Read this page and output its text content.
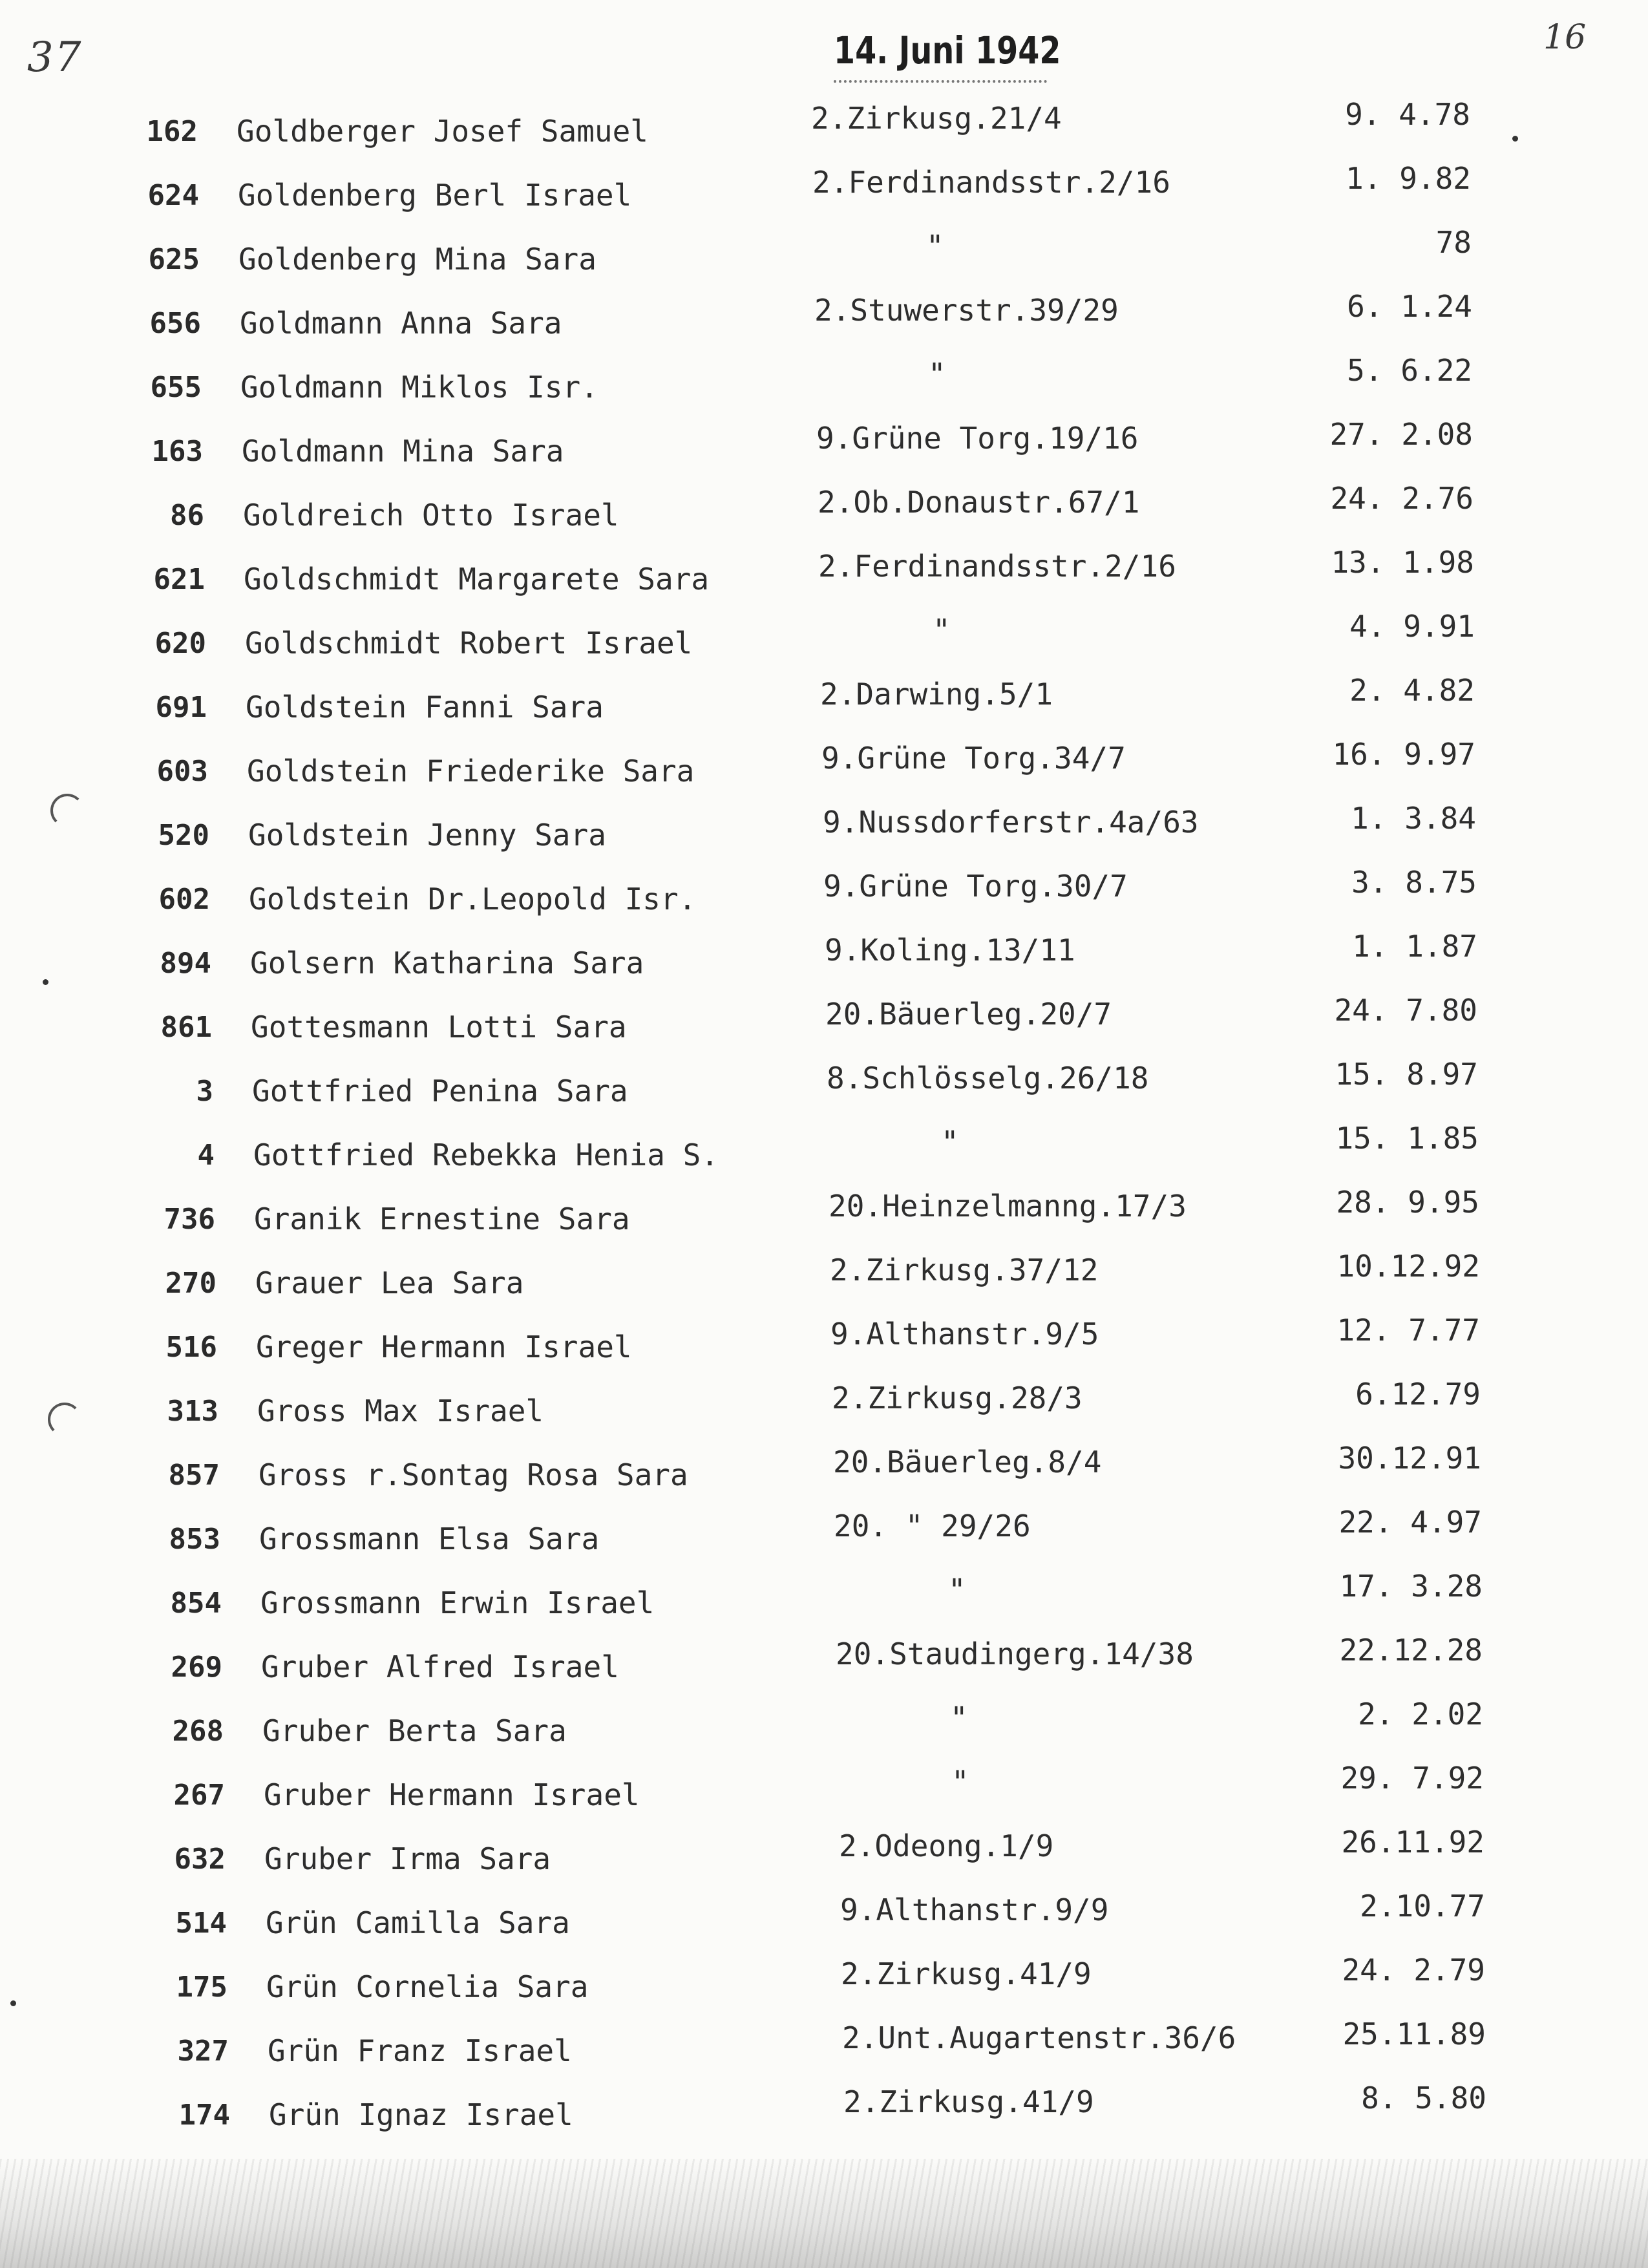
37	16
14. Juni 1942
162 Goldberger Josef Samuel	2.Zirkusg.21/4	9. 4.78
624 Goldenberg Berl Israel	2.Ferdinandsstr.2/16	1. 9.82
625 Goldenberg Mina Sara	"	78
656 Goldmann Anna Sara	2.Stuwerstr.39/29	6. 1.24
655 Goldmann Miklos Isr.	"	5. 6.22
163 Goldmann Mina Sara	9.Grüne Torg.19/16	27. 2.08
86 Goldreich Otto Israel	2.Ob.Donaustr.67/1	24. 2.76
621 Goldschmidt Margarete Sara	2.Ferdinandsstr.2/16	13. 1.98
620 Goldschmidt Robert Israel	"	4. 9.91
691 Goldstein Fanni Sara	2.Darwing.5/1	2. 4.82
603 Goldstein Friederike Sara	9.Grüne Torg.34/7	16. 9.97
520 Goldstein Jenny Sara	9.Nussdorferstr.4a/63	1. 3.84
602 Goldstein Dr.Leopold Isr.	9.Grüne Torg.30/7	3. 8.75
894 Golsern Katharina Sara	9.Koling.13/11	1. 1.87
861 Gottesmann Lotti Sara	20.Bäuerleg.20/7	24. 7.80
3 Gottfried Penina Sara	8.Schlösselg.26/18	15. 8.97
4 Gottfried Rebekka Henia S.	"	15. 1.85
736 Granik Ernestine Sara	20.Heinzelmanng.17/3	28. 9.95
270 Grauer Lea Sara	2.Zirkusg.37/12	10.12.92
516 Greger Hermann Israel	9.Althanstr.9/5	12. 7.77
313 Gross Max Israel	2.Zirkusg.28/3	6.12.79
857 Gross r.Sontag Rosa Sara	20.Bäuerleg.8/4	30.12.91
853 Grossmann Elsa Sara	20. " 29/26	22. 4.97
854 Grossmann Erwin Israel	"	17. 3.28
269 Gruber Alfred Israel	20.Staudingerg.14/38	22.12.28
268 Gruber Berta Sara	"	2. 2.02
267 Gruber Hermann Israel	"	29. 7.92
632 Gruber Irma Sara	2.Odeong.1/9	26.11.92
514 Grün Camilla Sara	9.Althanstr.9/9	2.10.77
175 Grün Cornelia Sara	2.Zirkusg.41/9	24. 2.79
327 Grün Franz Israel	2.Unt.Augartenstr.36/6	25.11.89
174 Grün Ignaz Israel	2.Zirkusg.41/9	8. 5.80
